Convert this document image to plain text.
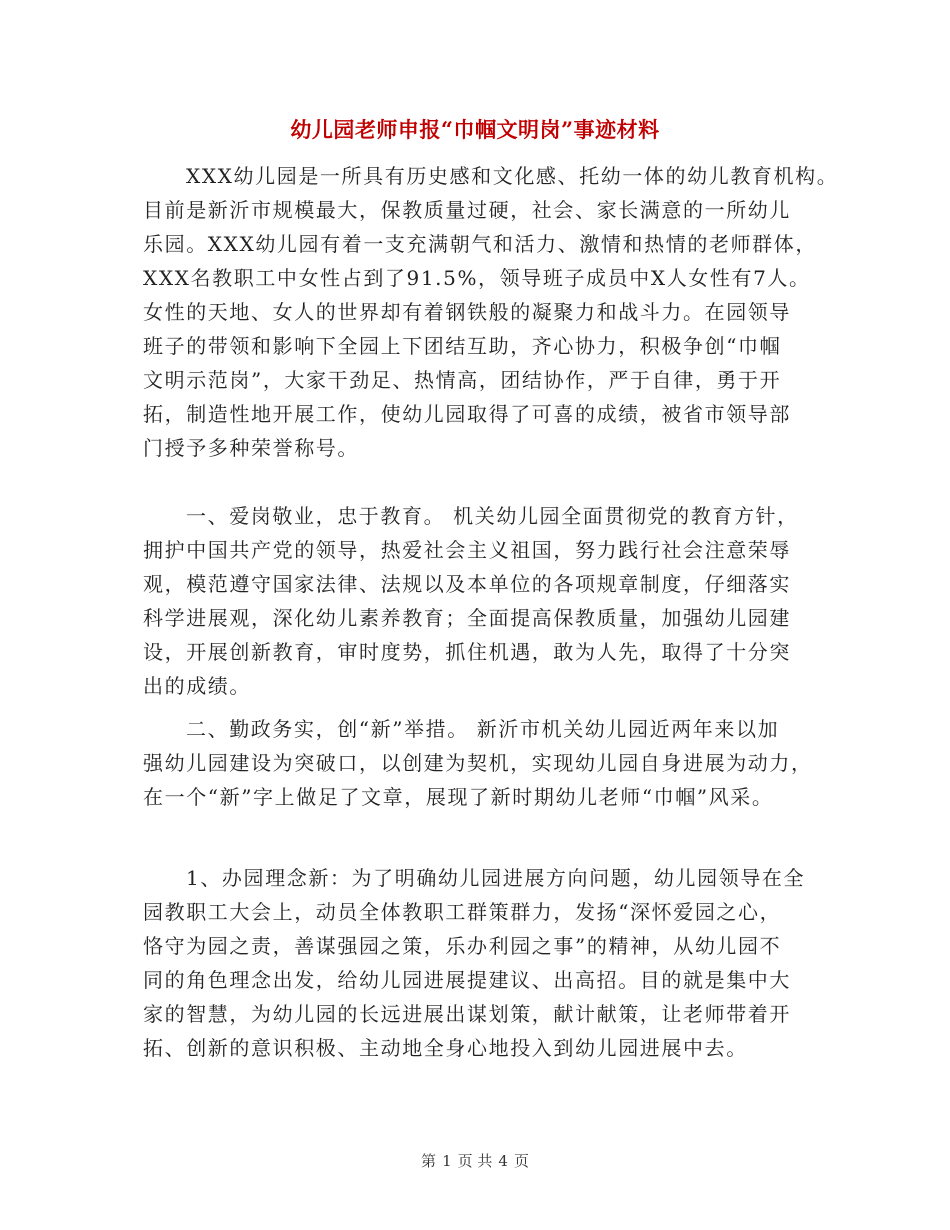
幼儿园老师申报“巾帼文明岗”事迹材料
XXX幼儿园是一所具有历史感和文化感、托幼一体的幼儿教育机构。
目前是新沂市规模最大，保教质量过硬，社会、家长满意的一所幼儿
乐园。XXX幼儿园有着一支充满朝气和活力、激情和热情的老师群体，
XXX名教职工中女性占到了91.5%，领导班子成员中X人女性有7人。
女性的天地、女人的世界却有着钢铁般的凝聚力和战斗力。在园领导
班子的带领和影响下全园上下团结互助，齐心协力，积极争创“巾帼
文明示范岗”，大家干劲足、热情高，团结协作，严于自律，勇于开
拓，制造性地开展工作，使幼儿园取得了可喜的成绩，被省市领导部
门授予多种荣誉称号。
一、爱岗敬业，忠于教育。 机关幼儿园全面贯彻党的教育方针，
拥护中国共产党的领导，热爱社会主义祖国，努力践行社会注意荣辱
观，模范遵守国家法律、法规以及本单位的各项规章制度，仔细落实
科学进展观，深化幼儿素养教育；全面提高保教质量，加强幼儿园建
设，开展创新教育，审时度势，抓住机遇，敢为人先，取得了十分突
出的成绩。
二、勤政务实，创“新”举措。 新沂市机关幼儿园近两年来以加
强幼儿园建设为突破口，以创建为契机，实现幼儿园自身进展为动力，
在一个“新”字上做足了文章，展现了新时期幼儿老师“巾帼”风采。
1、办园理念新：为了明确幼儿园进展方向问题，幼儿园领导在全
园教职工大会上，动员全体教职工群策群力，发扬“深怀爱园之心，
恪守为园之责，善谋强园之策，乐办利园之事”的精神，从幼儿园不
同的角色理念出发，给幼儿园进展提建议、出高招。目的就是集中大
家的智慧，为幼儿园的长远进展出谋划策，献计献策，让老师带着开
拓、创新的意识积极、主动地全身心地投入到幼儿园进展中去。
第 1 页 共 4 页
